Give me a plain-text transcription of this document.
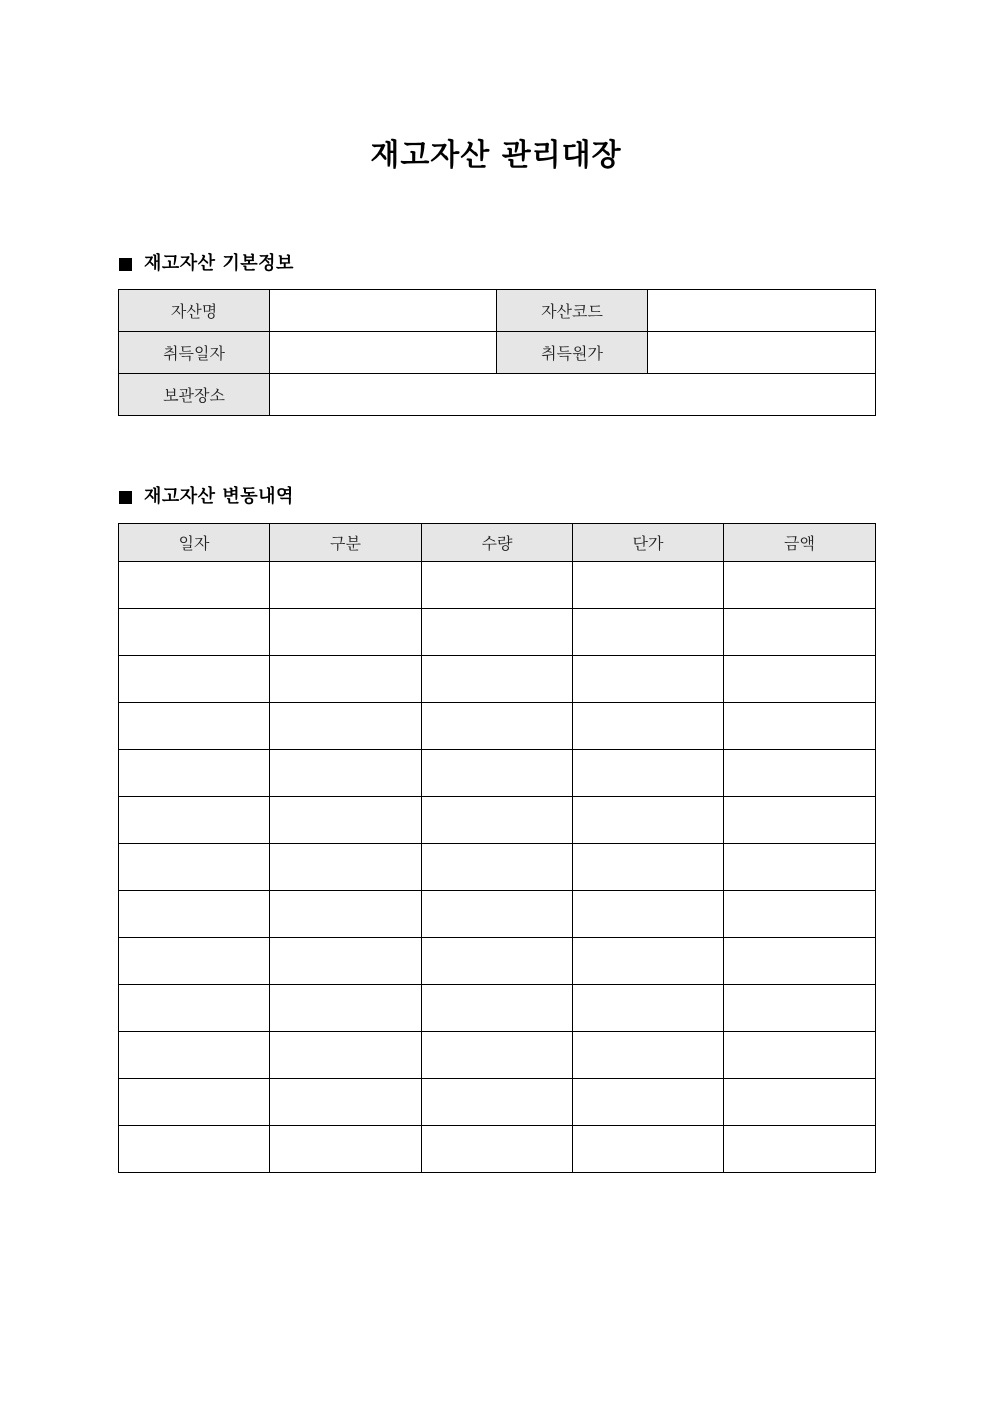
재고자산 관리대장
재고자산 기본정보
자산명		자산코드	
취득일자		취득원가	
보관장소			
재고자산 변동내역
일자	구분	수량	단가	금액
